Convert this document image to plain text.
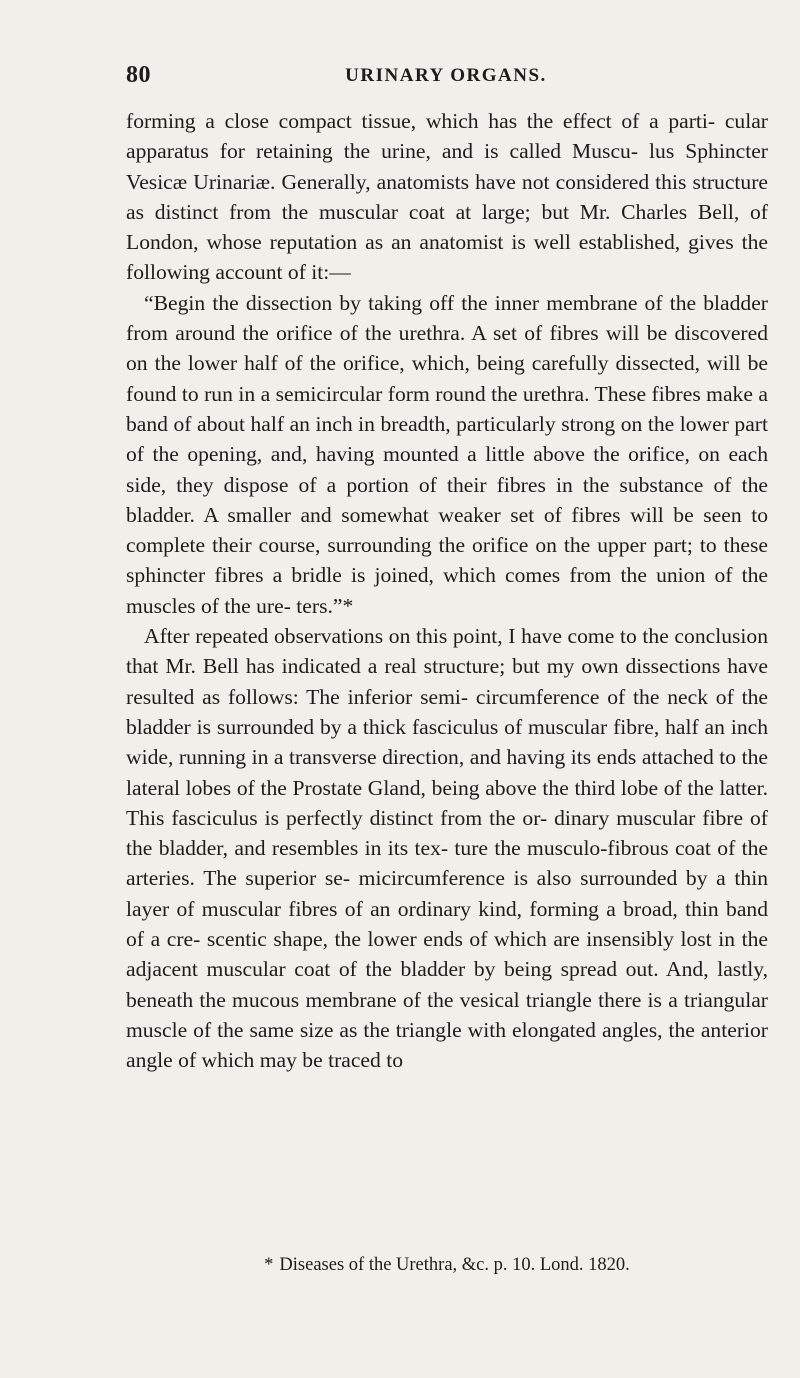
80	URINARY ORGANS.

forming a close compact tissue, which has the effect of a parti- cular apparatus for retaining the urine, and is called Muscu- lus Sphincter Vesicæ Urinariæ. Generally, anatomists have not considered this structure as distinct from the muscular coat at large; but Mr. Charles Bell, of London, whose reputation as an anatomist is well established, gives the following account of it:—

“Begin the dissection by taking off the inner membrane of the bladder from around the orifice of the urethra. A set of fibres will be discovered on the lower half of the orifice, which, being carefully dissected, will be found to run in a semicircular form round the urethra. These fibres make a band of about half an inch in breadth, particularly strong on the lower part of the opening, and, having mounted a little above the orifice, on each side, they dispose of a portion of their fibres in the substance of the bladder. A smaller and somewhat weaker set of fibres will be seen to complete their course, surrounding the orifice on the upper part; to these sphincter fibres a bridle is joined, which comes from the union of the muscles of the ure- ters.”*

After repeated observations on this point, I have come to the conclusion that Mr. Bell has indicated a real structure; but my own dissections have resulted as follows: The inferior semi- circumference of the neck of the bladder is surrounded by a thick fasciculus of muscular fibre, half an inch wide, running in a transverse direction, and having its ends attached to the lateral lobes of the Prostate Gland, being above the third lobe of the latter. This fasciculus is perfectly distinct from the or- dinary muscular fibre of the bladder, and resembles in its tex- ture the musculo-fibrous coat of the arteries. The superior se- micircumference is also surrounded by a thin layer of muscular fibres of an ordinary kind, forming a broad, thin band of a cre- scentic shape, the lower ends of which are insensibly lost in the adjacent muscular coat of the bladder by being spread out. And, lastly, beneath the mucous membrane of the vesical triangle there is a triangular muscle of the same size as the triangle with elongated angles, the anterior angle of which may be traced to

* Diseases of the Urethra, &c. p. 10. Lond. 1820.
